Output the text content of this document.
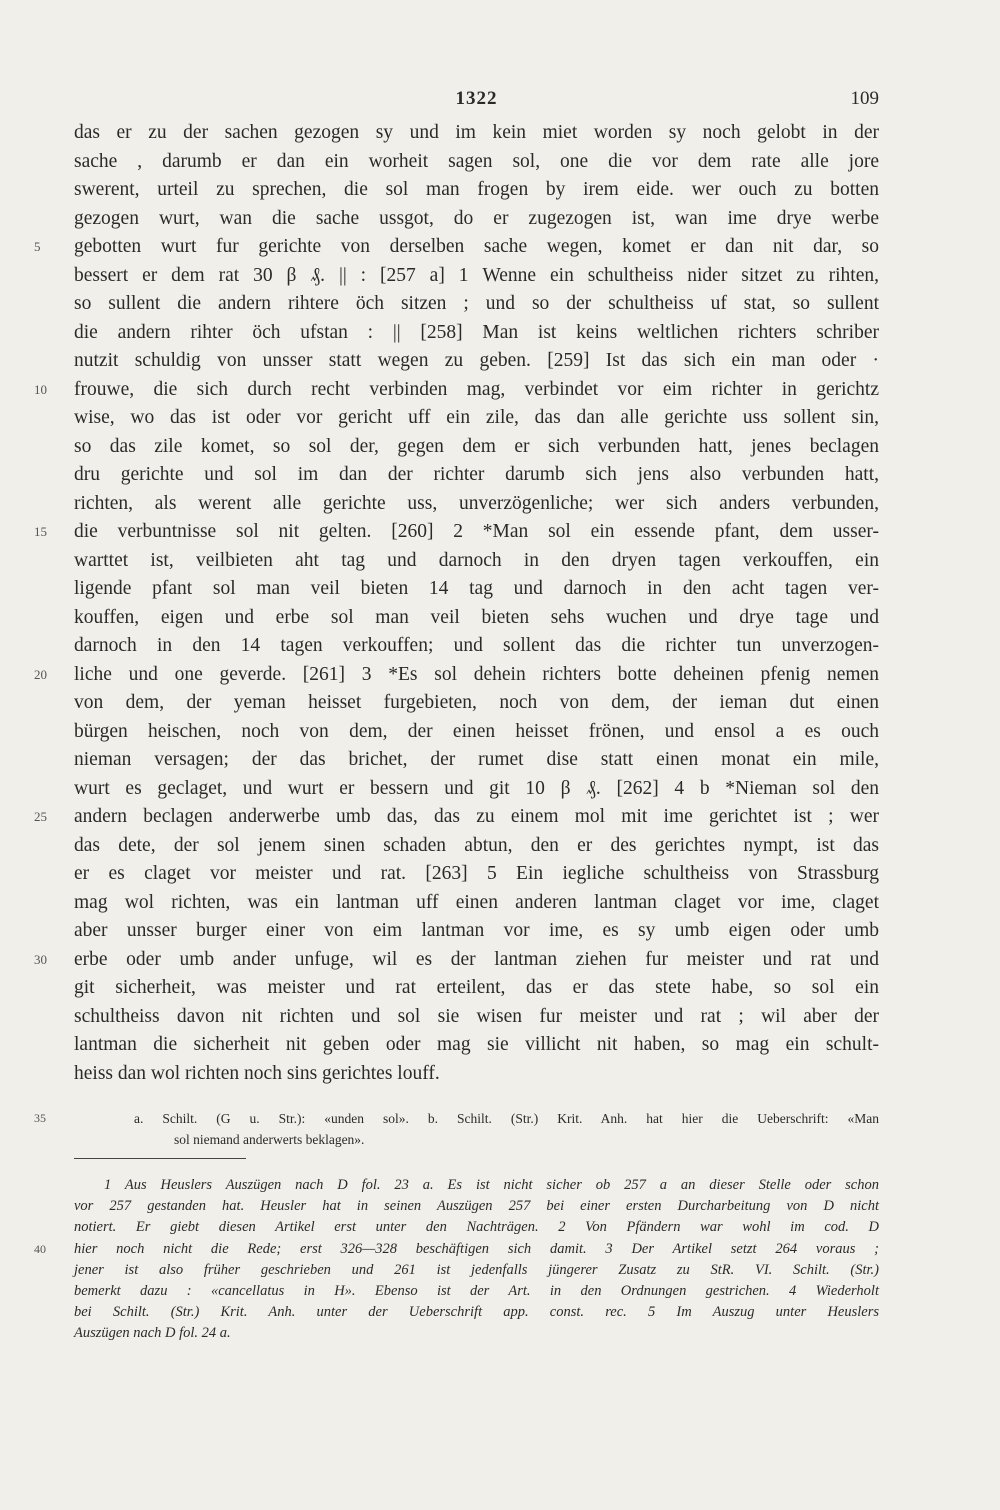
1322	109
das er zu der sachen gezogen sy und im kein miet worden sy noch gelobt in der
sache , darumb er dan ein worheit sagen sol, one die vor dem rate alle jore
swerent, urteil zu sprechen, die sol man frogen by irem eide. wer ouch zu botten
gezogen wurt, wan die sache ussgot, do er zugezogen ist, wan ime drye werbe
5	gebotten wurt fur gerichte von derselben sache wegen, komet er dan nit dar, so
bessert er dem rat 30 β ₰. || : [257 a] 1 Wenne ein schultheiss nider sitzet zu rihten,
so sullent die andern rihtere öch sitzen ; und so der schultheiss uf stat, so sullent
die andern rihter öch ufstan : || [258] Man ist keins weltlichen richters schriber
nutzit schuldig von unsser statt wegen zu geben. [259] Ist das sich ein man oder ·
10	frouwe, die sich durch recht verbinden mag, verbindet vor eim richter in gerichtz
wise, wo das ist oder vor gericht uff ein zile, das dan alle gerichte uss sollent sin,
so das zile komet, so sol der, gegen dem er sich verbunden hatt, jenes beclagen
dru gerichte und sol im dan der richter darumb sich jens also verbunden hatt,
richten, als werent alle gerichte uss, unverzögenliche; wer sich anders verbunden,
15	die verbuntnisse sol nit gelten. [260] 2 *Man sol ein essende pfant, dem usser-
warttet ist, veilbieten aht tag und darnoch in den dryen tagen verkouffen, ein
ligende pfant sol man veil bieten 14 tag und darnoch in den acht tagen ver-
kouffen, eigen und erbe sol man veil bieten sehs wuchen und drye tage und
darnoch in den 14 tagen verkouffen; und sollent das die richter tun unverzogen-
20	liche und one geverde. [261] 3 *Es sol dehein richters botte deheinen pfenig nemen
von dem, der yeman heisset furgebieten, noch von dem, der ieman dut einen
bürgen heischen, noch von dem, der einen heisset frönen, und ensol a es ouch
nieman versagen; der das brichet, der rumet dise statt einen monat ein mile,
wurt es geclaget, und wurt er bessern und git 10 β ₰. [262] 4 b *Nieman sol den
25	andern beclagen anderwerbe umb das, das zu einem mol mit ime gerichtet ist ; wer
das dete, der sol jenem sinen schaden abtun, den er des gerichtes nympt, ist das
er es claget vor meister und rat. [263] 5 Ein iegliche schultheiss von Strassburg
mag wol richten, was ein lantman uff einen anderen lantman claget vor ime, claget
aber unsser burger einer von eim lantman vor ime, es sy umb eigen oder umb
30	erbe oder umb ander unfuge, wil es der lantman ziehen fur meister und rat und
git sicherheit, was meister und rat erteilent, das er das stete habe, so sol ein
schultheiss davon nit richten und sol sie wisen fur meister und rat ; wil aber der
lantman die sicherheit nit geben oder mag sie villicht nit haben, so mag ein schult-
heiss dan wol richten noch sins gerichtes louff.
35	a. Schilt. (G u. Str.): «unden sol». b. Schilt. (Str.) Krit. Anh. hat hier die Ueberschrift: «Man
sol niemand anderwerts beklagen».
1 Aus Heuslers Auszügen nach D fol. 23 a. Es ist nicht sicher ob 257 a an dieser Stelle oder schon
vor 257 gestanden hat. Heusler hat in seinen Auszügen 257 bei einer ersten Durcharbeitung von D nicht
notiert. Er giebt diesen Artikel erst unter den Nachträgen. 2 Von Pfändern war wohl im cod. D
40	hier noch nicht die Rede; erst 326—328 beschäftigen sich damit. 3 Der Artikel setzt 264 voraus ;
jener ist also früher geschrieben und 261 ist jedenfalls jüngerer Zusatz zu StR. VI. Schilt. (Str.)
bemerkt dazu : «cancellatus in H». Ebenso ist der Art. in den Ordnungen gestrichen. 4 Wiederholt
bei Schilt. (Str.) Krit. Anh. unter der Ueberschrift app. const. rec. 5 Im Auszug unter Heuslers
Auszügen nach D fol. 24 a.
